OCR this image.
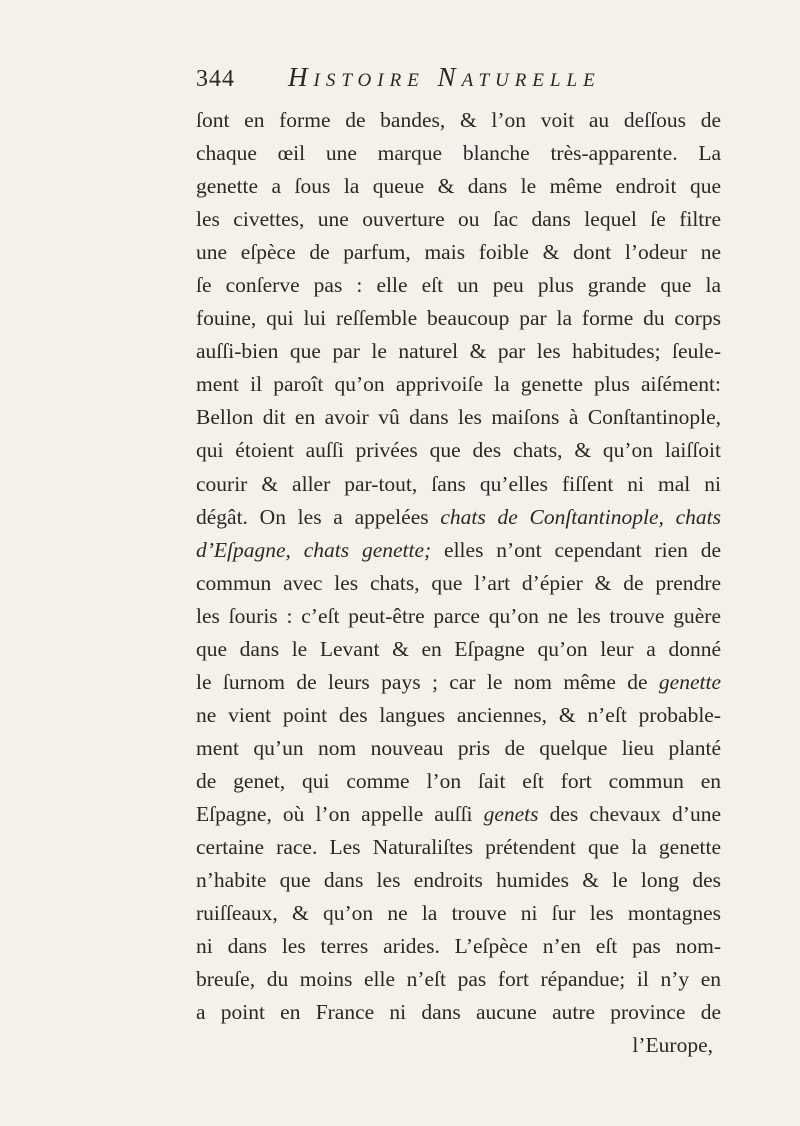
344 Histoire Naturelle
ſont en forme de bandes, & l’on voit au deſſous de
chaque œil une marque blanche très-apparente. La
genette a ſous la queue & dans le même endroit que
les civettes, une ouverture ou ſac dans lequel ſe filtre
une eſpèce de parfum, mais foible & dont l’odeur ne
ſe conſerve pas : elle eſt un peu plus grande que la
fouine, qui lui reſſemble beaucoup par la forme du corps
auſſi-bien que par le naturel & par les habitudes; ſeule-
ment il paroît qu’on apprivoiſe la genette plus aiſément:
Bellon dit en avoir vû dans les maiſons à Conſtantinople,
qui étoient auſſi privées que des chats, & qu’on laiſſoit
courir & aller par-tout, ſans qu’elles fiſſent ni mal ni
dégât. On les a appelées chats de Conſtantinople, chats
d’Eſpagne, chats genette; elles n’ont cependant rien de
commun avec les chats, que l’art d’épier & de prendre
les ſouris : c’eſt peut-être parce qu’on ne les trouve guère
que dans le Levant & en Eſpagne qu’on leur a donné
le ſurnom de leurs pays ; car le nom même de genette
ne vient point des langues anciennes, & n’eſt probable-
ment qu’un nom nouveau pris de quelque lieu planté
de genet, qui comme l’on ſait eſt fort commun en
Eſpagne, où l’on appelle auſſi genets des chevaux d’une
certaine race. Les Naturaliſtes prétendent que la genette
n’habite que dans les endroits humides & le long des
ruiſſeaux, & qu’on ne la trouve ni ſur les montagnes
ni dans les terres arides. L’eſpèce n’en eſt pas nom-
breuſe, du moins elle n’eſt pas fort répandue; il n’y en
a point en France ni dans aucune autre province de
l’Europe,
